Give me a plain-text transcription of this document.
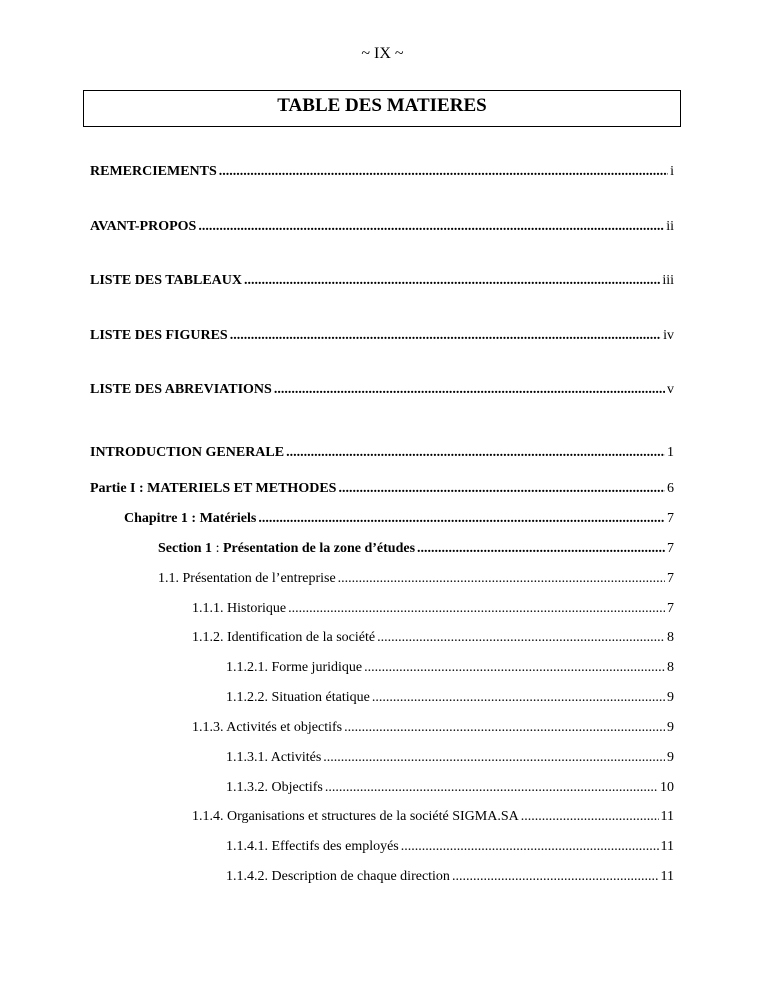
~ IX ~
TABLE DES MATIERES
REMERCIEMENTS .....	i
AVANT-PROPOS .....	ii
LISTE DES TABLEAUX .....	iii
LISTE DES FIGURES .....	iv
LISTE DES ABREVIATIONS .....	v
INTRODUCTION GENERALE .....	1
Partie I : MATERIELS ET METHODES .....	6
Chapitre 1 : Matériels .....	7
Section 1 : Présentation de la zone d’études .....	7
1.1. Présentation de l’entreprise .....	7
1.1.1. Historique .....	7
1.1.2. Identification de la société .....	8
1.1.2.1. Forme juridique .....	8
1.1.2.2. Situation étatique .....	9
1.1.3. Activités et objectifs .....	9
1.1.3.1. Activités .....	9
1.1.3.2. Objectifs .....	10
1.1.4. Organisations et structures de la société SIGMA.SA .....	11
1.1.4.1. Effectifs des employés .....	11
1.1.4.2. Description de chaque direction .....	11
